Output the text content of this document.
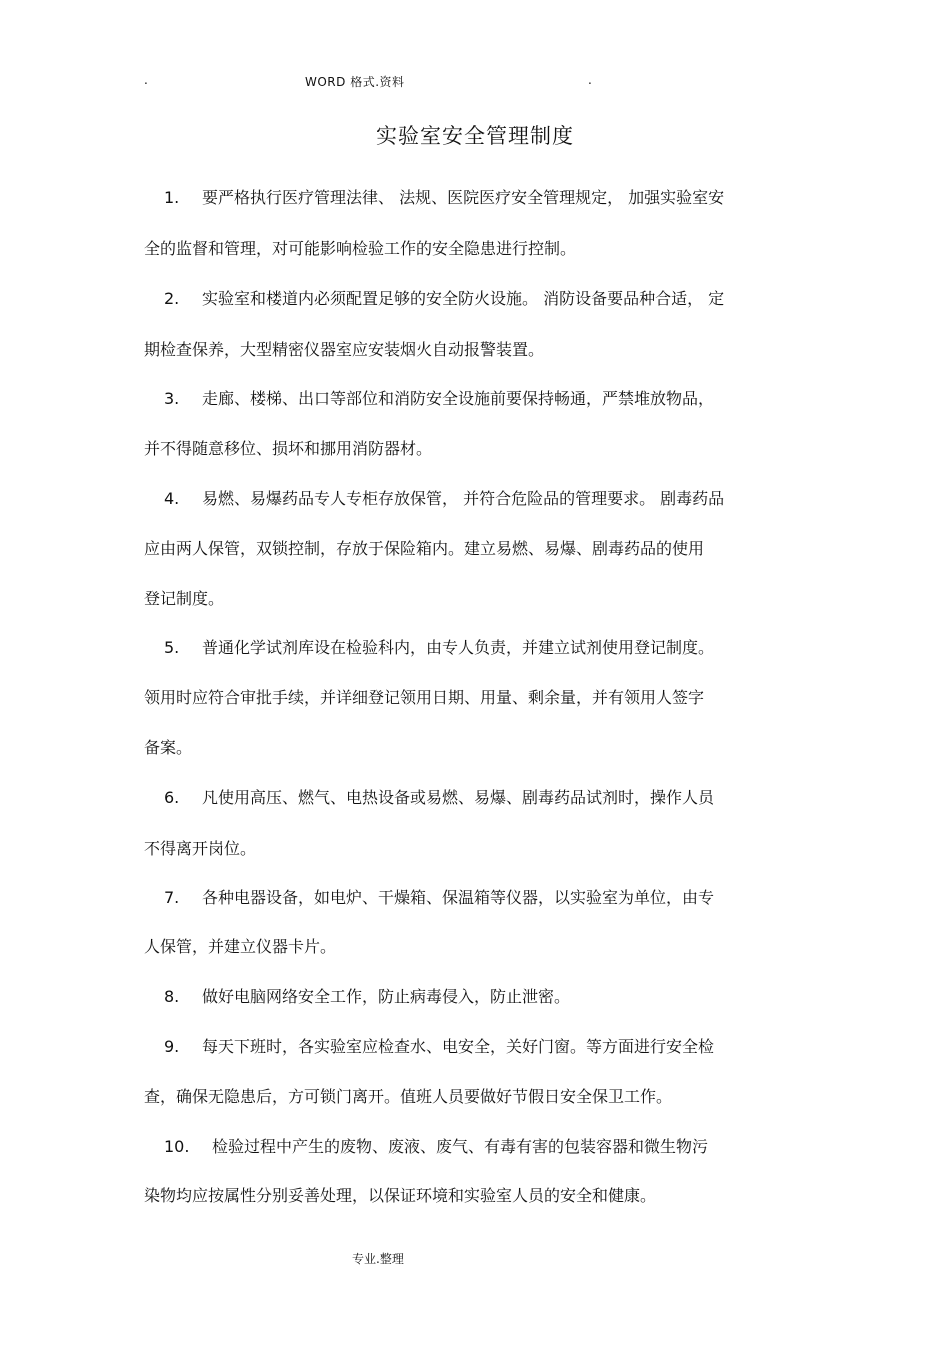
.	WORD 格式.资料	.
实验室安全管理制度
1. 要严格执行医疗管理法律、 法规、医院医疗安全管理规定， 加强实验室安
全的监督和管理，对可能影响检验工作的安全隐患进行控制。
2. 实验室和楼道内必须配置足够的安全防火设施。 消防设备要品种合适， 定
期检查保养，大型精密仪器室应安装烟火自动报警装置。
3. 走廊、楼梯、出口等部位和消防安全设施前要保持畅通，严禁堆放物品，
并不得随意移位、损坏和挪用消防器材。
4. 易燃、易爆药品专人专柜存放保管， 并符合危险品的管理要求。 剧毒药品
应由两人保管，双锁控制，存放于保险箱内。建立易燃、易爆、剧毒药品的使用
登记制度。
5. 普通化学试剂库设在检验科内，由专人负责，并建立试剂使用登记制度。
领用时应符合审批手续，并详细登记领用日期、用量、剩余量，并有领用人签字
备案。
6. 凡使用高压、燃气、电热设备或易燃、易爆、剧毒药品试剂时，操作人员
不得离开岗位。
7. 各种电器设备，如电炉、干燥箱、保温箱等仪器，以实验室为单位，由专
人保管，并建立仪器卡片。
8. 做好电脑网络安全工作，防止病毒侵入，防止泄密。
9. 每天下班时，各实验室应检查水、电安全，关好门窗。等方面进行安全检
查，确保无隐患后，方可锁门离开。值班人员要做好节假日安全保卫工作。
10. 检验过程中产生的废物、废液、废气、有毒有害的包装容器和微生物污
染物均应按属性分别妥善处理，以保证环境和实验室人员的安全和健康。
专业.整理
